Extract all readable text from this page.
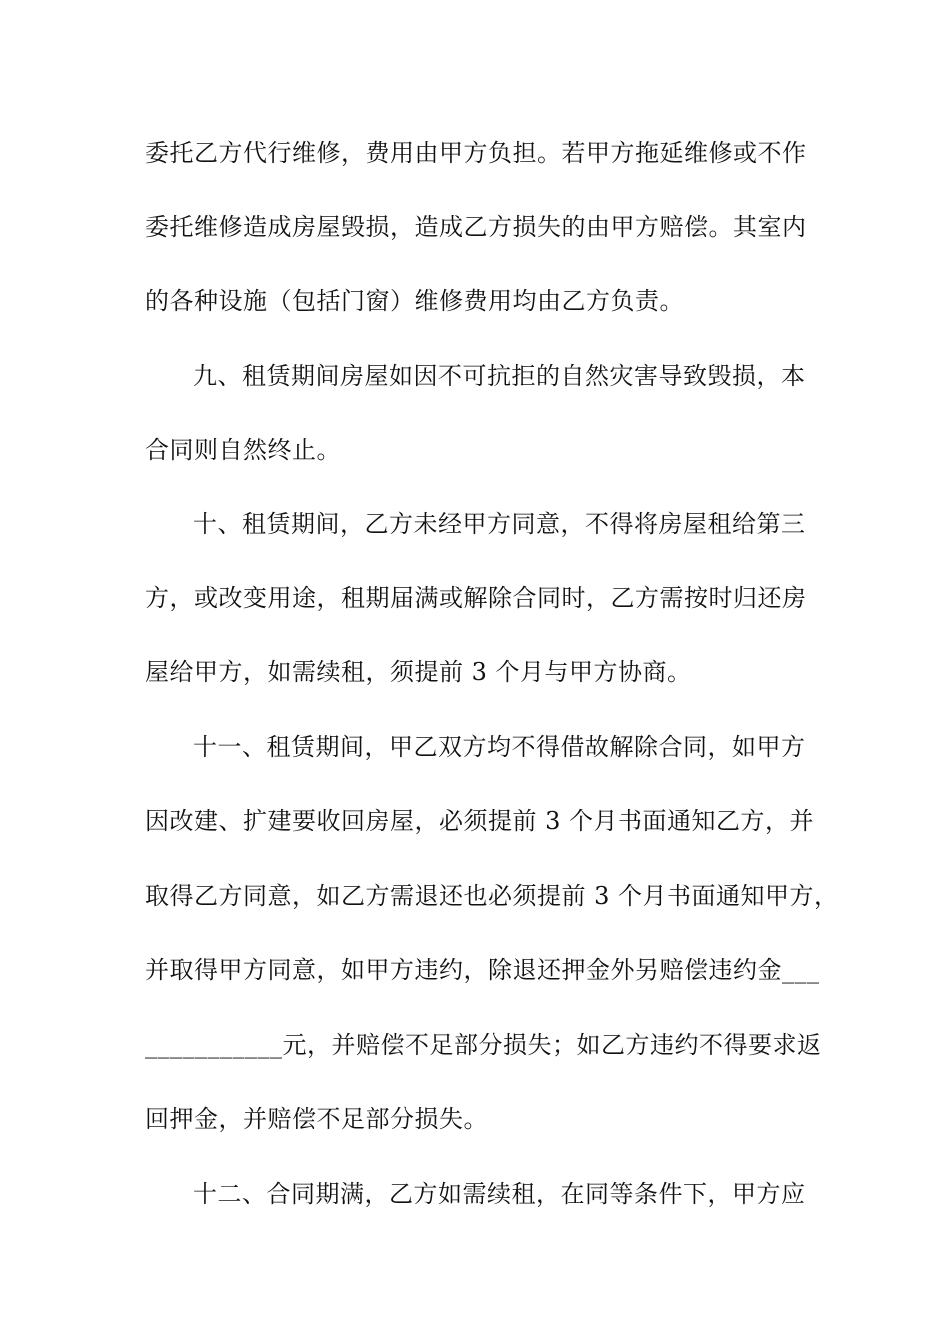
委托乙方代行维修，费用由甲方负担。若甲方拖延维修或不作
委托维修造成房屋毁损，造成乙方损失的由甲方赔偿。其室内
的各种设施（包括门窗）维修费用均由乙方负责。
九、租赁期间房屋如因不可抗拒的自然灾害导致毁损，本
合同则自然终止。
十、租赁期间，乙方未经甲方同意，不得将房屋租给第三
方，或改变用途，租期届满或解除合同时，乙方需按时归还房
屋给甲方，如需续租，须提前 3 个月与甲方协商。
十一、租赁期间，甲乙双方均不得借故解除合同，如甲方
因改建、扩建要收回房屋，必须提前 3 个月书面通知乙方，并
取得乙方同意，如乙方需退还也必须提前 3 个月书面通知甲方，
并取得甲方同意，如甲方违约，除退还押金外另赔偿违约金___
___________元，并赔偿不足部分损失；如乙方违约不得要求返
回押金，并赔偿不足部分损失。
十二、合同期满，乙方如需续租，在同等条件下，甲方应
